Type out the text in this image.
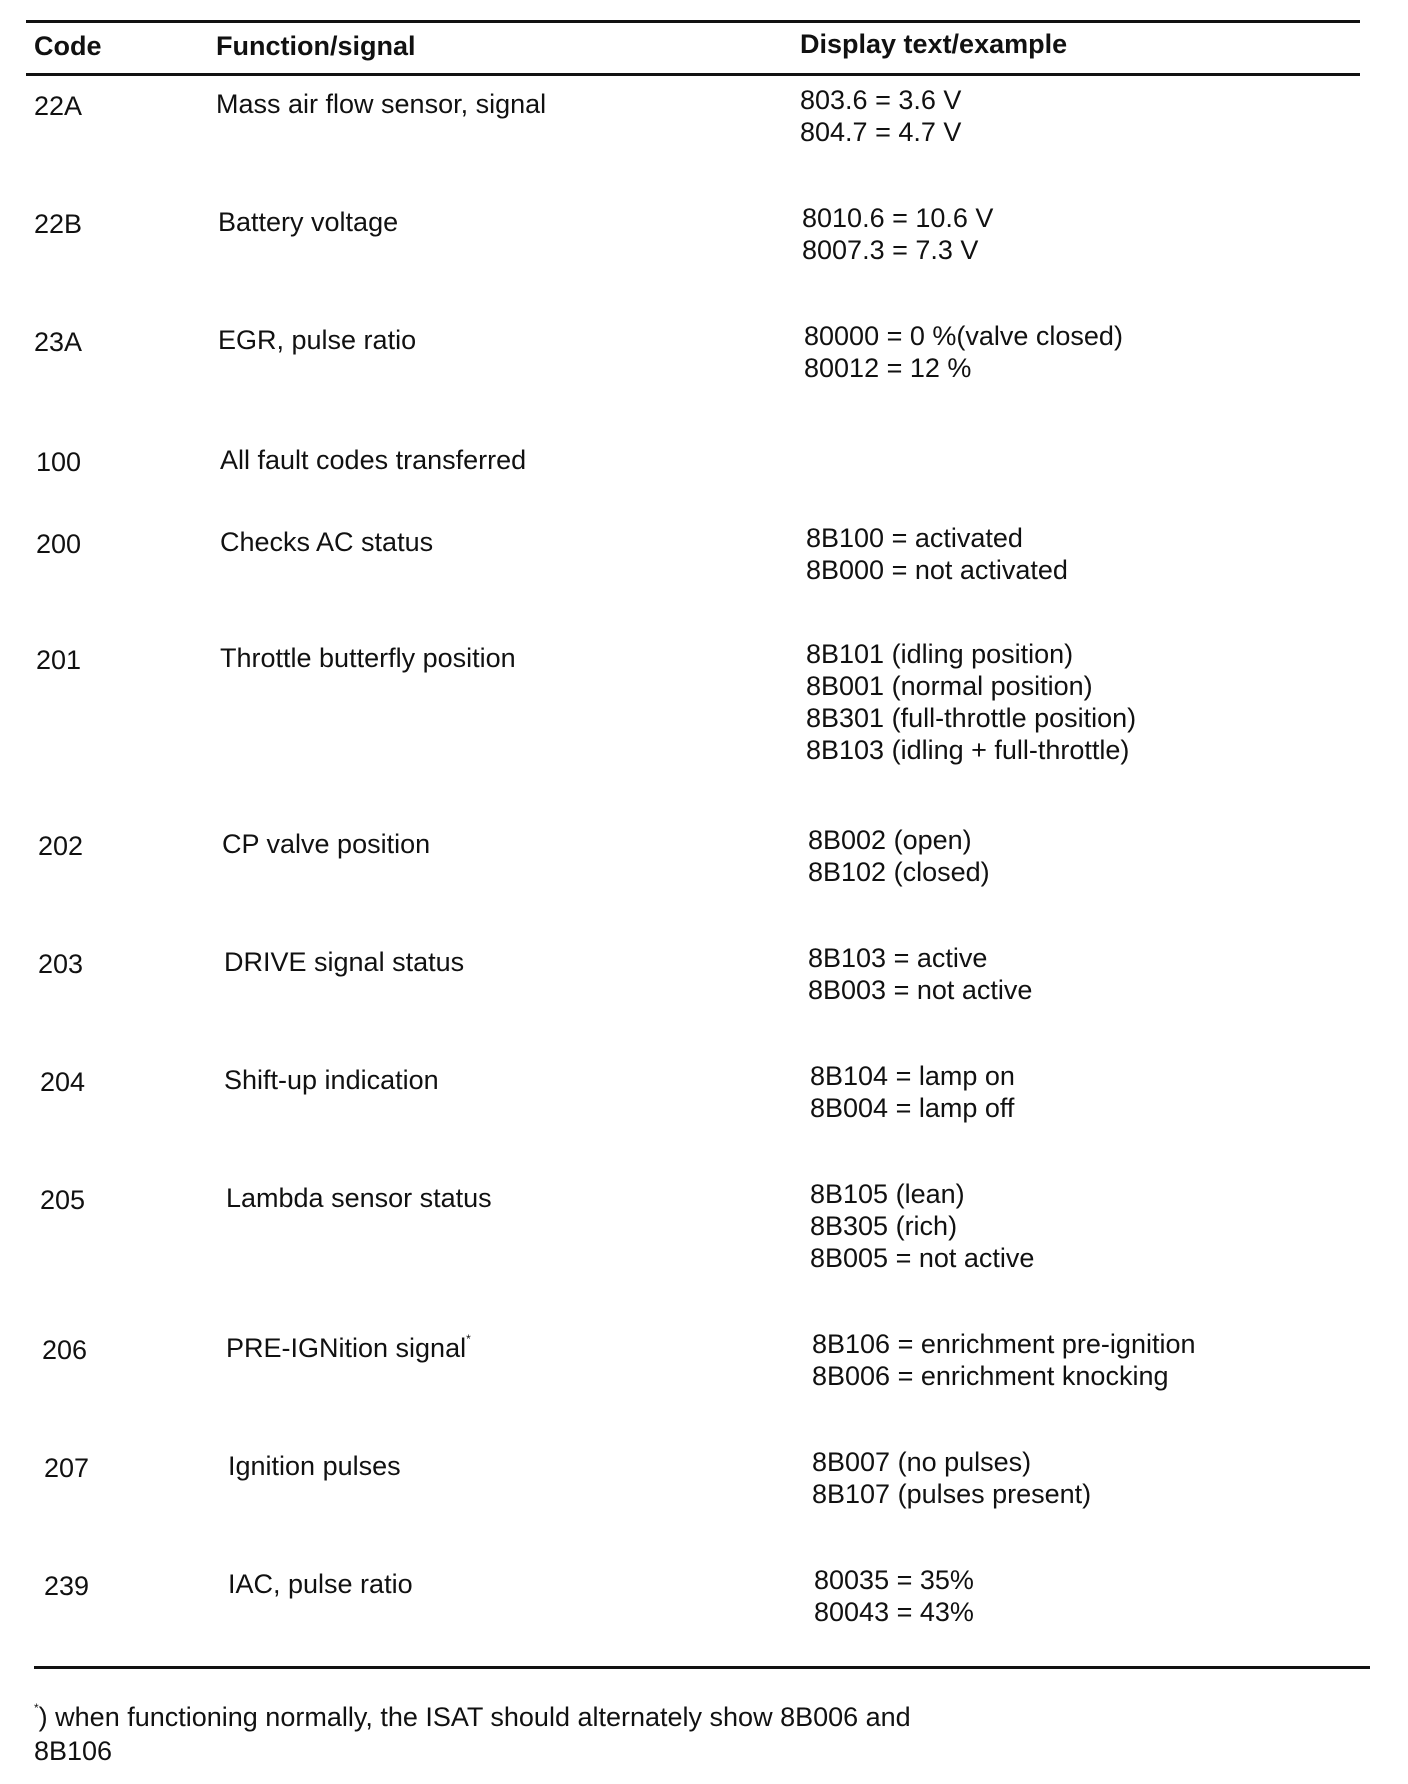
Code	Function/signal	Display text/example
22A	Mass air flow sensor, signal	803.6 = 3.6 V
804.7 = 4.7 V
22B	Battery voltage	8010.6 = 10.6 V
8007.3 = 7.3 V
23A	EGR, pulse ratio	80000 = 0 %(valve closed)
80012 = 12 %
100	All fault codes transferred
200	Checks AC status	8B100 = activated
8B000 = not activated
201	Throttle butterfly position	8B101 (idling position)
8B001 (normal position)
8B301 (full-throttle position)
8B103 (idling + full-throttle)
202	CP valve position	8B002 (open)
8B102 (closed)
203	DRIVE signal status	8B103 = active
8B003 = not active
204	Shift-up indication	8B104 = lamp on
8B004 = lamp off
205	Lambda sensor status	8B105 (lean)
8B305 (rich)
8B005 = not active
206	PRE-IGNition signal*	8B106 = enrichment pre-ignition
8B006 = enrichment knocking
207	Ignition pulses	8B007 (no pulses)
8B107 (pulses present)
239	IAC, pulse ratio	80035 = 35%
80043 = 43%
*) when functioning normally, the ISAT should alternately show 8B006 and
8B106
